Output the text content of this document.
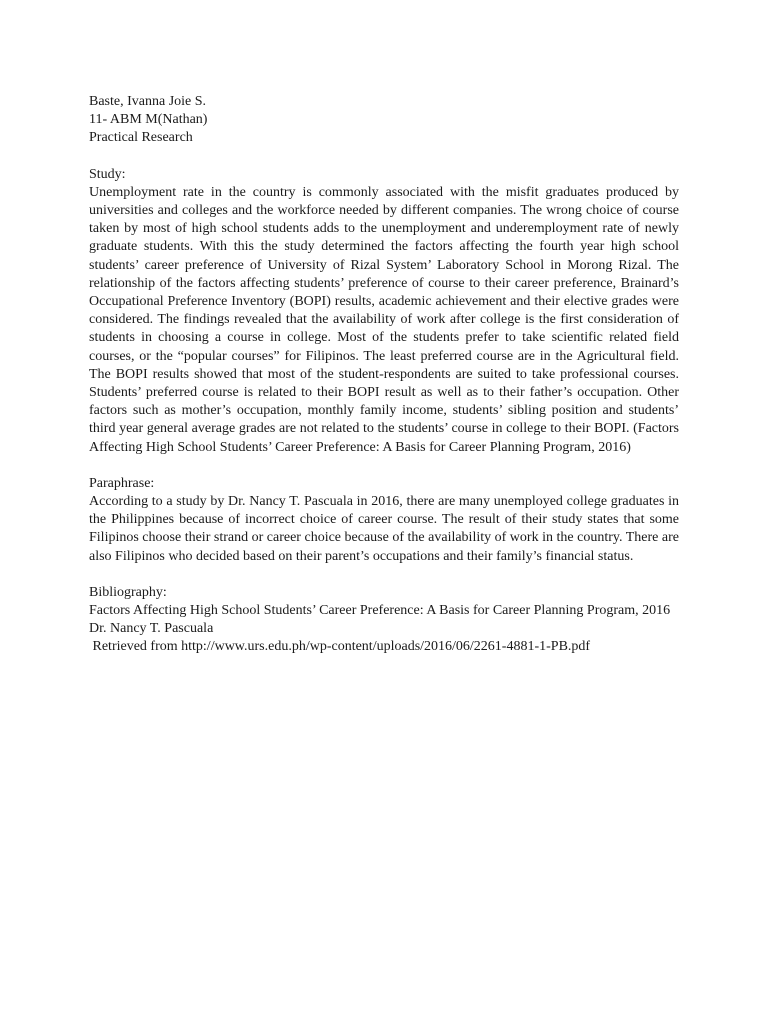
Baste, Ivanna Joie S.
11- ABM M(Nathan)
Practical Research
Study:

Unemployment rate in the country is commonly associated with the misfit graduates produced by universities and colleges and the workforce needed by different companies. The wrong choice of course taken by most of high school students adds to the unemployment and underemployment rate of newly graduate students. With this the study determined the factors affecting the fourth year high school students’ career preference of University of Rizal System’ Laboratory School in Morong Rizal. The relationship of the factors affecting students’ preference of course to their career preference, Brainard’s Occupational Preference Inventory (BOPI) results, academic achievement and their elective grades were considered. The findings revealed that the availability of work after college is the first consideration of students in choosing a course in college. Most of the students prefer to take scientific related field courses, or the “popular courses” for Filipinos. The least preferred course are in the Agricultural field. The BOPI results showed that most of the student-respondents are suited to take professional courses. Students’ preferred course is related to their BOPI result as well as to their father’s occupation. Other factors such as mother’s occupation, monthly family income, students’ sibling position and students’ third year general average grades are not related to the students’ course in college to their BOPI. (Factors Affecting High School Students’ Career Preference: A Basis for Career Planning Program, 2016)

Paraphrase:

According to a study by Dr. Nancy T. Pascuala in 2016, there are many unemployed college graduates in the Philippines because of incorrect choice of career course. The result of their study states that some Filipinos choose their strand or career choice because of the availability of work in the country. There are also Filipinos who decided based on their parent’s occupations and their family’s financial status.

Bibliography:

Factors Affecting High School Students’ Career Preference: A Basis for Career Planning Program, 2016

Dr. Nancy T. Pascuala
Retrieved from http://www.urs.edu.ph/wp-content/uploads/2016/06/2261-4881-1-PB.pdf
